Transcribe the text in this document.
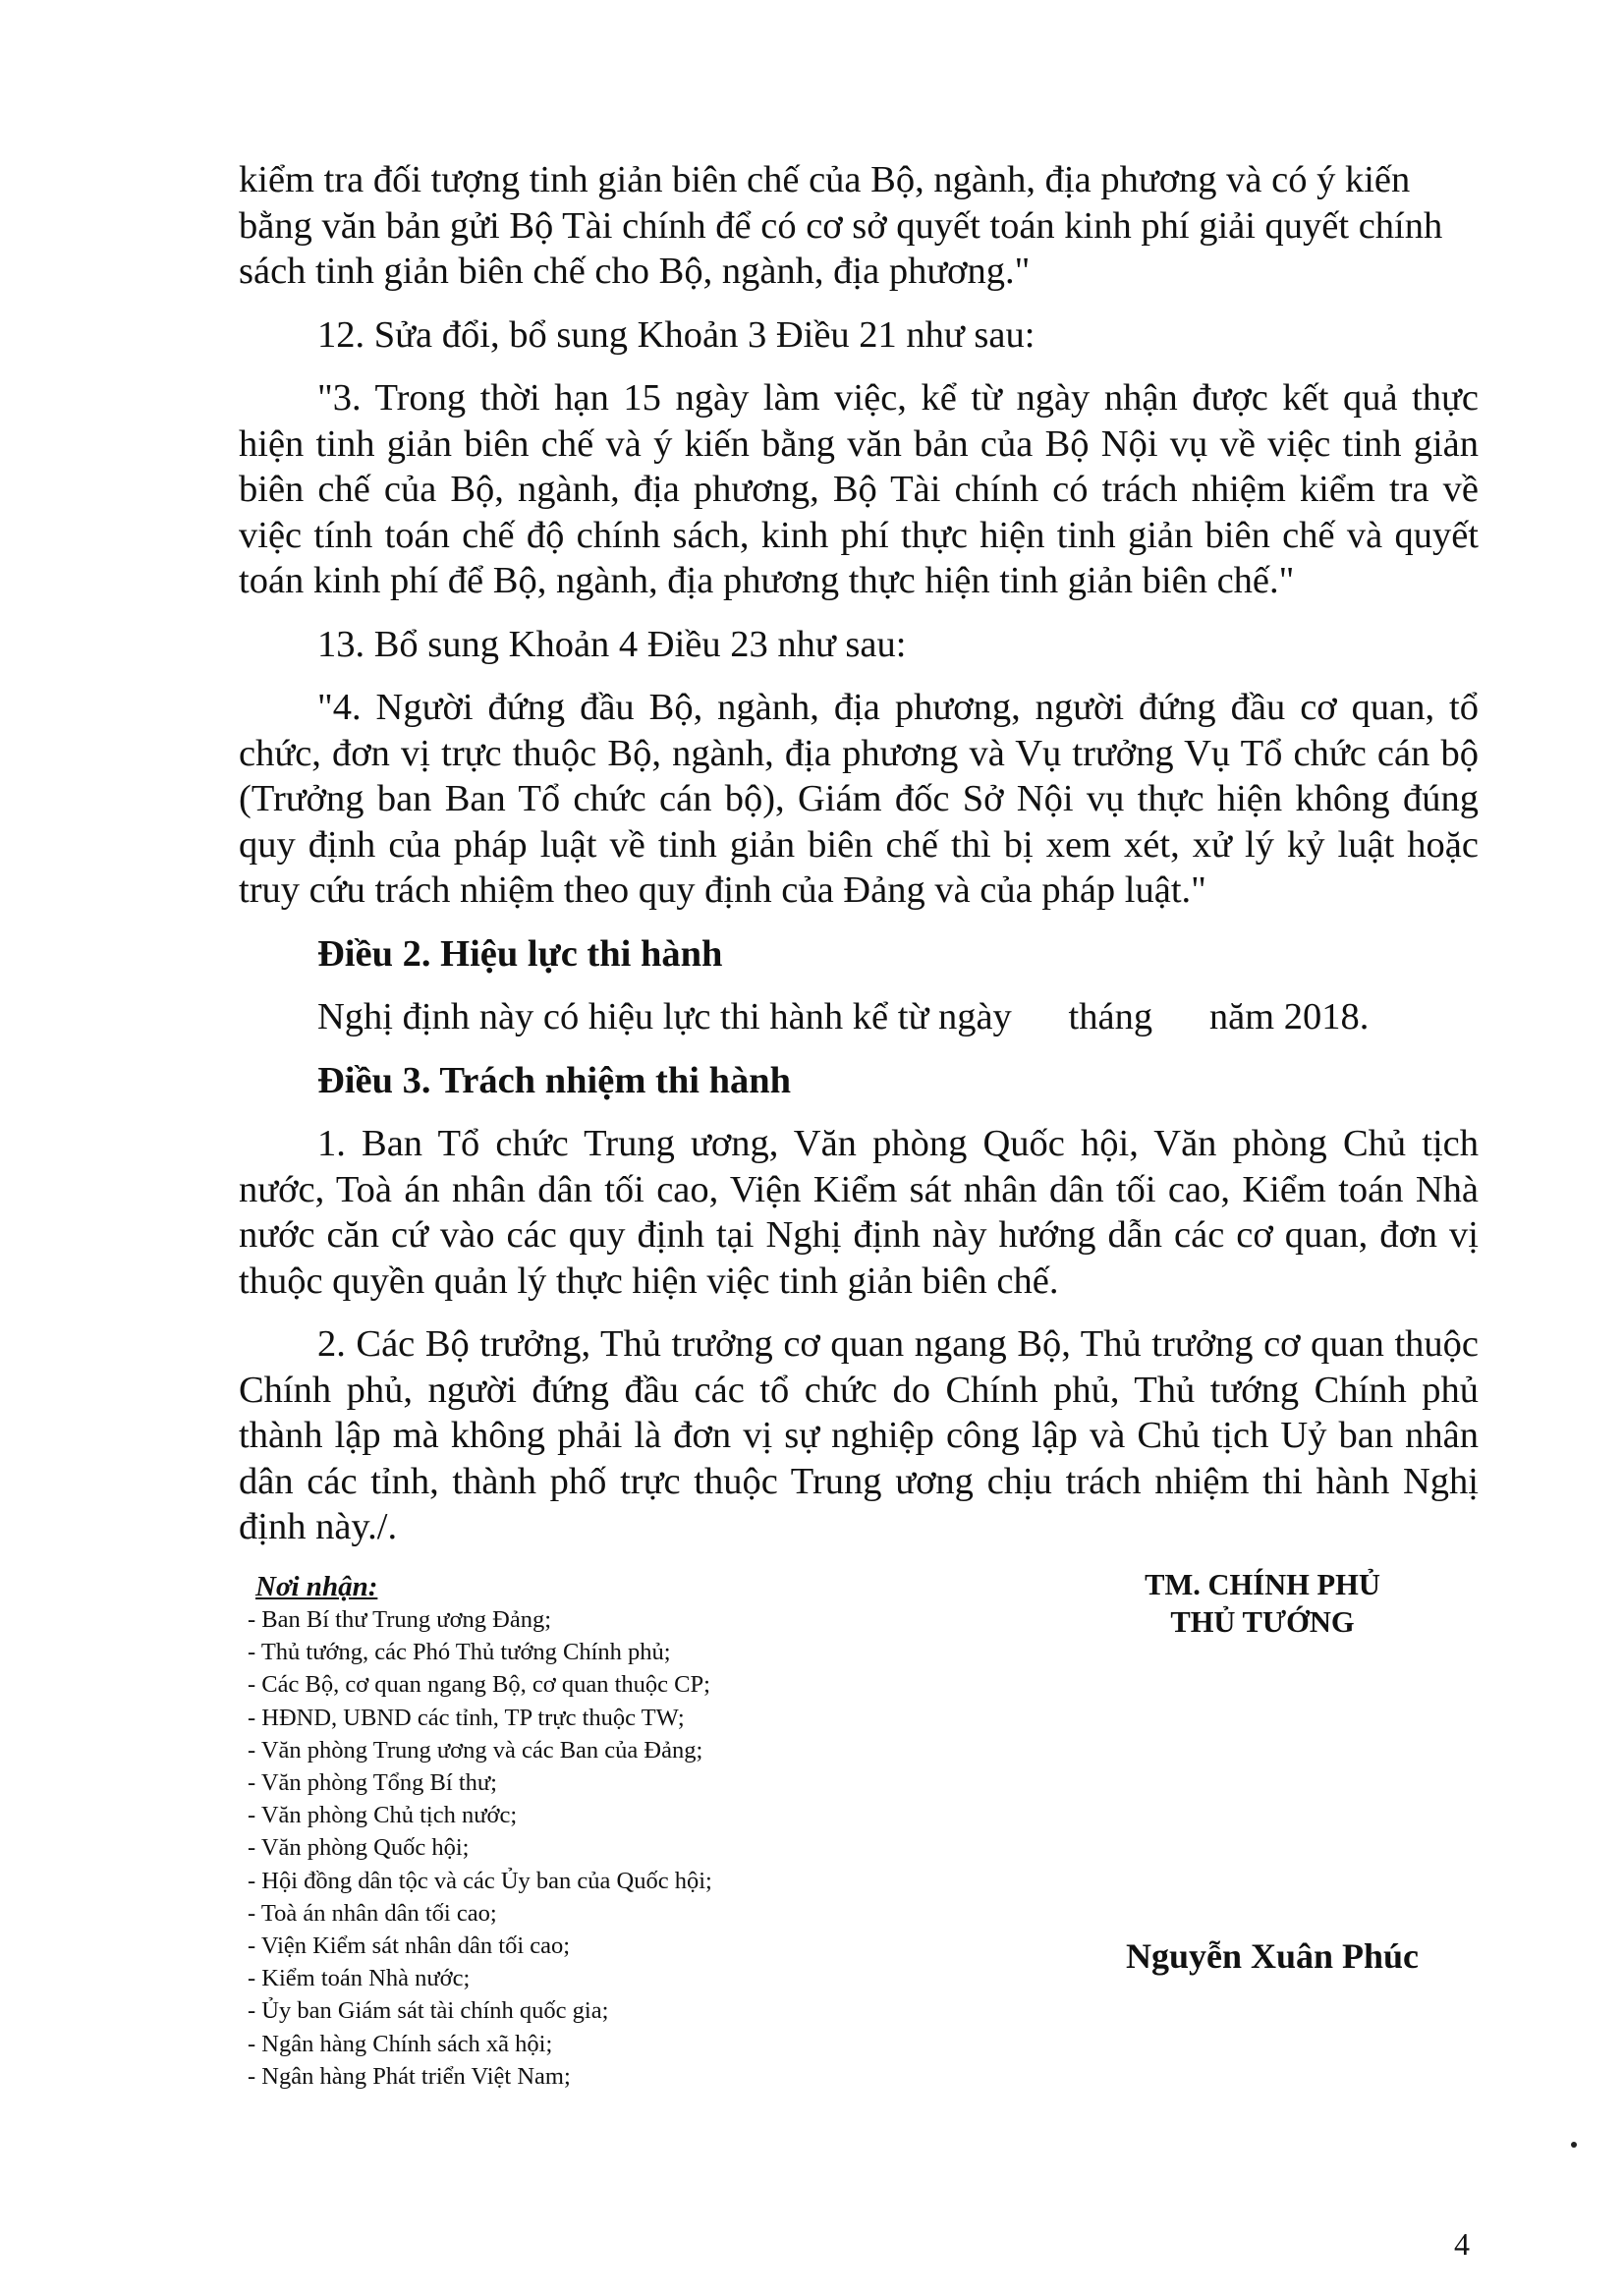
kiểm tra đối tượng tinh giản biên chế của Bộ, ngành, địa phương và có ý kiến
bằng văn bản gửi Bộ Tài chính để có cơ sở quyết toán kinh phí giải quyết chính
sách tinh giản biên chế cho Bộ, ngành, địa phương."

12. Sửa đổi, bổ sung Khoản 3 Điều 21 như sau:

"3. Trong thời hạn 15 ngày làm việc, kể từ ngày nhận được kết quả thực hiện tinh giản biên chế và ý kiến bằng văn bản của Bộ Nội vụ về việc tinh giản biên chế của Bộ, ngành, địa phương, Bộ Tài chính có trách nhiệm kiểm tra về việc tính toán chế độ chính sách, kinh phí thực hiện tinh giản biên chế và quyết toán kinh phí để Bộ, ngành, địa phương thực hiện tinh giản biên chế."

13. Bổ sung Khoản 4 Điều 23 như sau:

"4. Người đứng đầu Bộ, ngành, địa phương, người đứng đầu cơ quan, tổ chức, đơn vị trực thuộc Bộ, ngành, địa phương và Vụ trưởng Vụ Tổ chức cán bộ (Trưởng ban Ban Tổ chức cán bộ), Giám đốc Sở Nội vụ thực hiện không đúng quy định của pháp luật về tinh giản biên chế thì bị xem xét, xử lý kỷ luật hoặc truy cứu trách nhiệm theo quy định của Đảng và của pháp luật."

Điều 2. Hiệu lực thi hành

Nghị định này có hiệu lực thi hành kể từ ngày      tháng      năm 2018.

Điều 3. Trách nhiệm thi hành

1. Ban Tổ chức Trung ương, Văn phòng Quốc hội, Văn phòng Chủ tịch nước, Toà án nhân dân tối cao, Viện Kiểm sát nhân dân tối cao, Kiểm toán Nhà nước căn cứ vào các quy định tại Nghị định này hướng dẫn các cơ quan, đơn vị thuộc quyền quản lý thực hiện việc tinh giản biên chế.

2. Các Bộ trưởng, Thủ trưởng cơ quan ngang Bộ, Thủ trưởng cơ quan thuộc Chính phủ, người đứng đầu các tổ chức do Chính phủ, Thủ tướng Chính phủ thành lập mà không phải là đơn vị sự nghiệp công lập và Chủ tịch Uỷ ban nhân dân các tỉnh, thành phố trực thuộc Trung ương chịu trách nhiệm thi hành Nghị định này./.

Nơi nhận:

- Ban Bí thư Trung ương Đảng;
- Thủ tướng, các Phó Thủ tướng Chính phủ;
- Các Bộ, cơ quan ngang Bộ, cơ quan thuộc CP;
- HĐND, UBND các tỉnh, TP trực thuộc TW;
- Văn phòng Trung ương và các Ban của Đảng;
- Văn phòng Tổng Bí thư;
- Văn phòng Chủ tịch nước;
- Văn phòng Quốc hội;
- Hội đồng dân tộc và các Ủy ban của Quốc hội;
- Toà án nhân dân tối cao;
- Viện Kiểm sát nhân dân tối cao;
- Kiểm toán Nhà nước;
- Ủy ban Giám sát tài chính quốc gia;
- Ngân hàng Chính sách xã hội;
- Ngân hàng Phát triển Việt Nam;
TM. CHÍNH PHỦ
THỦ TƯỚNG
Nguyễn Xuân Phúc
4
